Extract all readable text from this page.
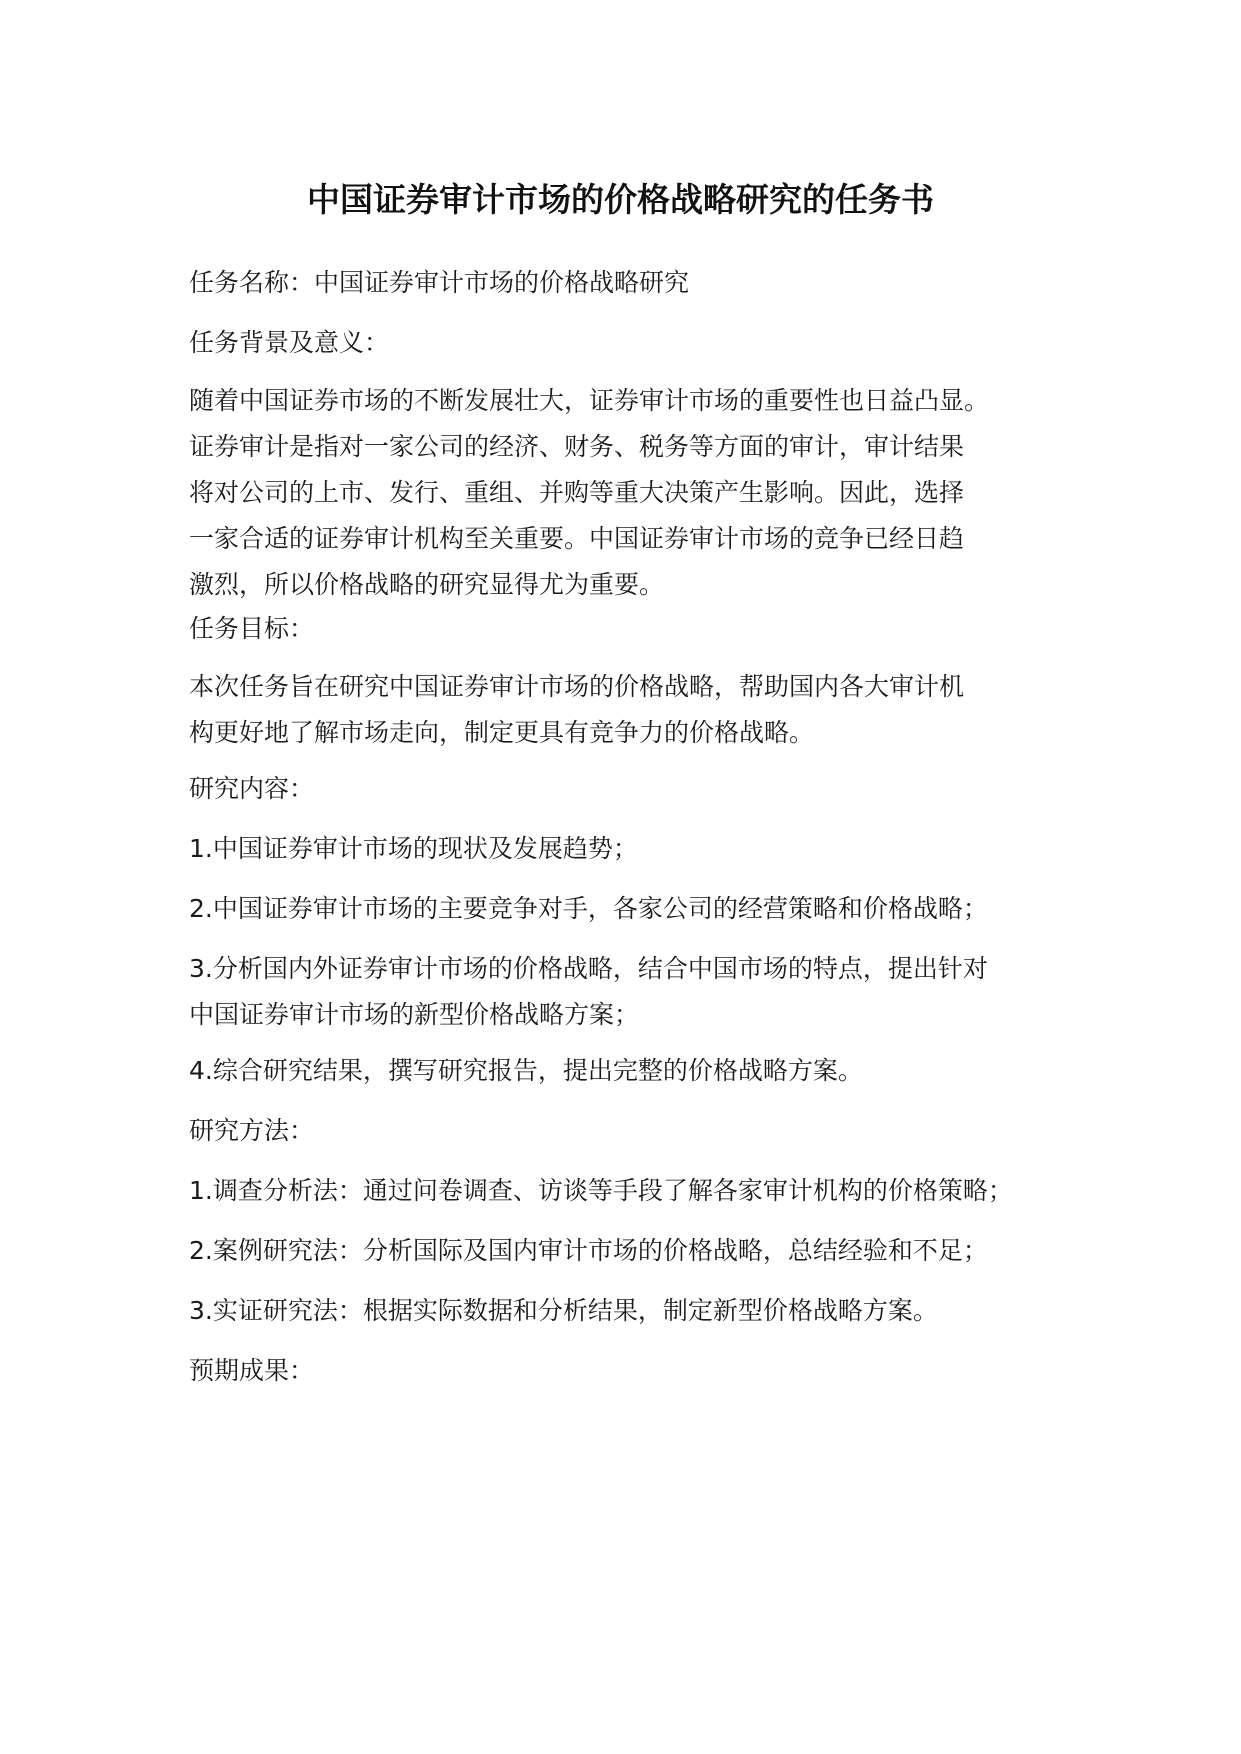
中国证券审计市场的价格战略研究的任务书

任务名称：中国证券审计市场的价格战略研究

任务背景及意义：

随着中国证券市场的不断发展壮大，证券审计市场的重要性也日益凸显。
证券审计是指对一家公司的经济、财务、税务等方面的审计，审计结果
将对公司的上市、发行、重组、并购等重大决策产生影响。因此，选择
一家合适的证券审计机构至关重要。中国证券审计市场的竞争已经日趋
激烈，所以价格战略的研究显得尤为重要。

任务目标：

本次任务旨在研究中国证券审计市场的价格战略，帮助国内各大审计机
构更好地了解市场走向，制定更具有竞争力的价格战略。

研究内容：

1.中国证券审计市场的现状及发展趋势；

2.中国证券审计市场的主要竞争对手，各家公司的经营策略和价格战略；

3.分析国内外证券审计市场的价格战略，结合中国市场的特点，提出针对
中国证券审计市场的新型价格战略方案；

4.综合研究结果，撰写研究报告，提出完整的价格战略方案。

研究方法：

1.调查分析法：通过问卷调查、访谈等手段了解各家审计机构的价格策略；

2.案例研究法：分析国际及国内审计市场的价格战略，总结经验和不足；

3.实证研究法：根据实际数据和分析结果，制定新型价格战略方案。

预期成果：
